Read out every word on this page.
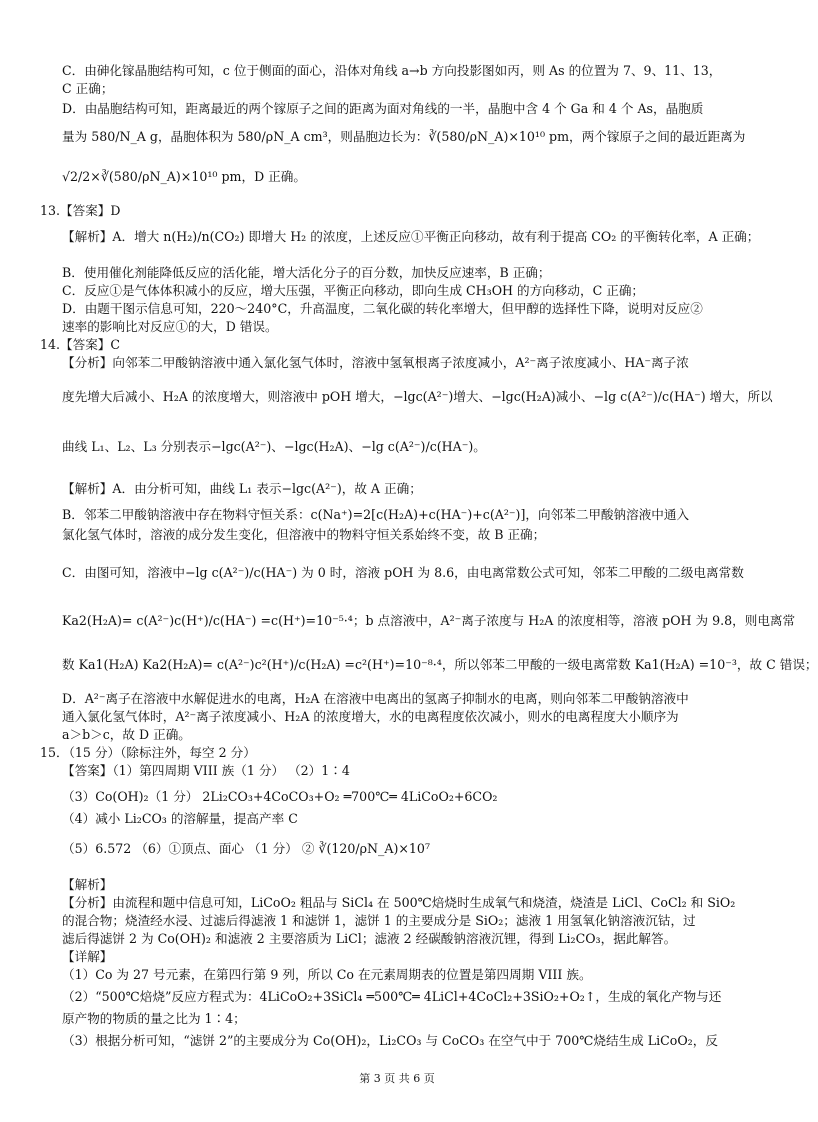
C．由砷化镓晶胞结构可知，c 位于侧面的面心，沿体对角线 a→b 方向投影图如丙，则 As 的位置为 7、9、11、13，
C 正确；
D．由晶胞结构可知，距离最近的两个镓原子之间的距离为面对角线的一半，晶胞中含 4 个 Ga 和 4 个 As，晶胞质
量为 580/N_A g，晶胞体积为 580/ρN_A cm³，则晶胞边长为：∛(580/ρN_A)×10¹⁰ pm，两个镓原子之间的最近距离为
√2/2×∛(580/ρN_A)×10¹⁰ pm，D 正确。
13.【答案】D
【解析】A．增大 n(H₂)/n(CO₂) 即增大 H₂ 的浓度，上述反应①平衡正向移动，故有利于提高 CO₂ 的平衡转化率，A 正确；
B．使用催化剂能降低反应的活化能，增大活化分子的百分数，加快反应速率，B 正确；
C．反应①是气体体积减小的反应，增大压强，平衡正向移动，即向生成 CH₃OH 的方向移动，C 正确；
D．由题干图示信息可知，220～240°C，升高温度，二氧化碳的转化率增大，但甲醇的选择性下降，说明对反应②
速率的影响比对反应①的大，D 错误。
14.【答案】C
【分析】向邻苯二甲酸钠溶液中通入氯化氢气体时，溶液中氢氧根离子浓度减小，A²⁻离子浓度减小、HA⁻离子浓
度先增大后减小、H₂A 的浓度增大，则溶液中 pOH 增大，−lgc(A²⁻)增大、−lgc(H₂A)减小、−lg c(A²⁻)/c(HA⁻) 增大，所以
曲线 L₁、L₂、L₃ 分别表示−lgc(A²⁻)、−lgc(H₂A)、−lg c(A²⁻)/c(HA⁻)。
【解析】A．由分析可知，曲线 L₁ 表示−lgc(A²⁻)，故 A 正确；
B．邻苯二甲酸钠溶液中存在物料守恒关系：c(Na⁺)=2[c(H₂A)+c(HA⁻)+c(A²⁻)]，向邻苯二甲酸钠溶液中通入
氯化氢气体时，溶液的成分发生变化，但溶液中的物料守恒关系始终不变，故 B 正确；
C．由图可知，溶液中−lg c(A²⁻)/c(HA⁻) 为 0 时，溶液 pOH 为 8.6，由电离常数公式可知，邻苯二甲酸的二级电离常数
Ka2(H₂A)= c(A²⁻)c(H⁺)/c(HA⁻) =c(H⁺)=10⁻⁵·⁴；b 点溶液中，A²⁻离子浓度与 H₂A 的浓度相等，溶液 pOH 为 9.8，则电离常
数 Ka1(H₂A) Ka2(H₂A)= c(A²⁻)c²(H⁺)/c(H₂A) =c²(H⁺)=10⁻⁸·⁴，所以邻苯二甲酸的一级电离常数 Ka1(H₂A) =10⁻³，故 C 错误；
D．A²⁻离子在溶液中水解促进水的电离，H₂A 在溶液中电离出的氢离子抑制水的电离，则向邻苯二甲酸钠溶液中
通入氯化氢气体时，A²⁻离子浓度减小、H₂A 的浓度增大，水的电离程度依次减小，则水的电离程度大小顺序为
a＞b＞c，故 D 正确。
15．（15 分）（除标注外，每空 2 分）
【答案】（1）第四周期 VIII 族（1 分） （2）1∶4
（3）Co(OH)₂（1 分） 2Li₂CO₃+4CoCO₃+O₂ ═700℃═ 4LiCoO₂+6CO₂
（4）减小 Li₂CO₃ 的溶解量，提高产率 C
（5）6.572 （6）①顶点、面心 （1 分） ② ∛(120/ρN_A)×10⁷
【解析】
【分析】由流程和题中信息可知，LiCoO₂ 粗品与 SiCl₄ 在 500℃焙烧时生成氧气和烧渣，烧渣是 LiCl、CoCl₂ 和 SiO₂
的混合物；烧渣经水浸、过滤后得滤液 1 和滤饼 1，滤饼 1 的主要成分是 SiO₂；滤液 1 用氢氧化钠溶液沉钴，过
滤后得滤饼 2 为 Co(OH)₂ 和滤液 2 主要溶质为 LiCl；滤液 2 经碳酸钠溶液沉锂，得到 Li₂CO₃，据此解答。
【详解】
（1）Co 为 27 号元素，在第四行第 9 列，所以 Co 在元素周期表的位置是第四周期 VIII 族。
（2）“500℃焙烧”反应方程式为：4LiCoO₂+3SiCl₄ ═500℃═ 4LiCl+4CoCl₂+3SiO₂+O₂↑，生成的氧化产物与还
原产物的物质的量之比为 1∶4；
（3）根据分析可知，“滤饼 2”的主要成分为 Co(OH)₂，Li₂CO₃ 与 CoCO₃ 在空气中于 700℃烧结生成 LiCoO₂，反
第 3 页 共 6 页
